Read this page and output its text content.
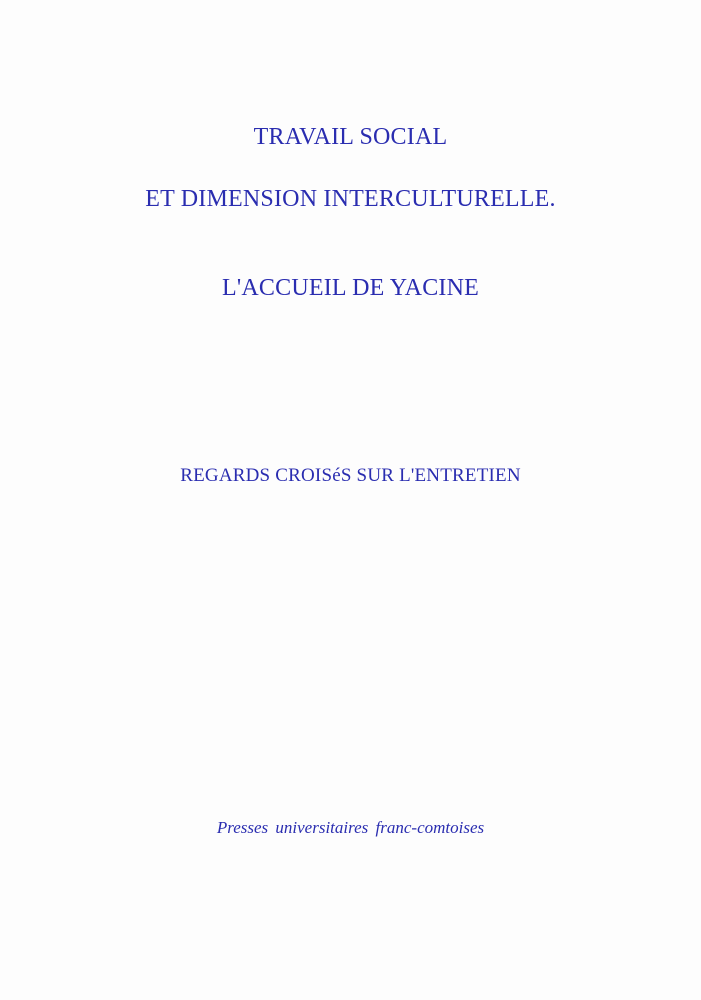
TRAVAIL SOCIAL
ET DIMENSION INTERCULTURELLE.
L'ACCUEIL DE YACINE
REGARDS CROISéS SUR L'ENTRETIEN
Presses universitaires franc-comtoises
